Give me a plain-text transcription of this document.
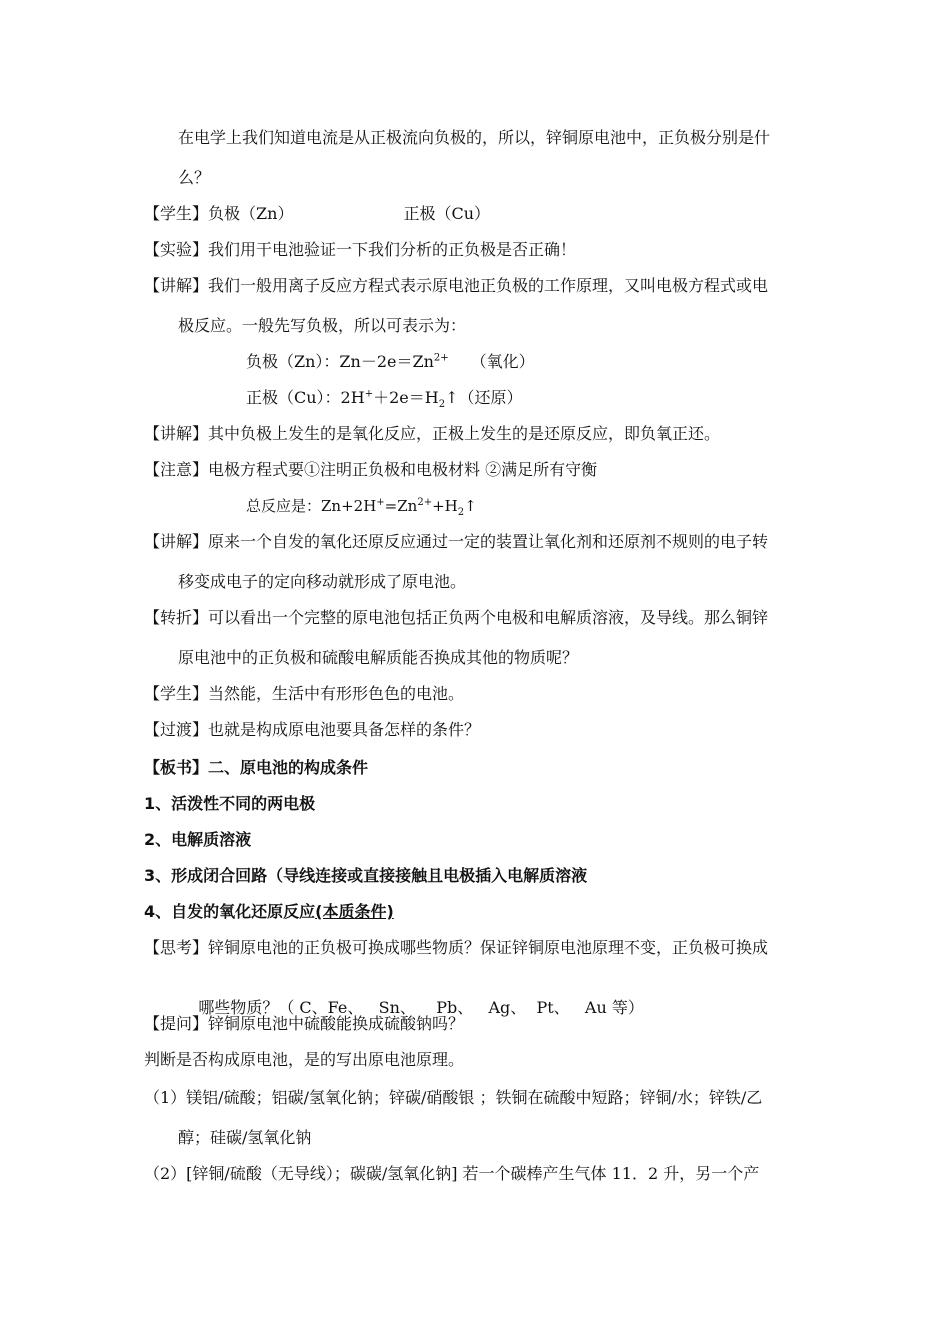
在电学上我们知道电流是从正极流向负极的，所以，锌铜原电池中，正负极分别是什
么？
【学生】负极（Zn）	正极（Cu）
【实验】我们用干电池验证一下我们分析的正负极是否正确！
【讲解】我们一般用离子反应方程式表示原电池正负极的工作原理，又叫电极方程式或电
极反应。一般先写负极，所以可表示为：
负极（Zn）：$Zn-2e=Zn^{2+}$ （氧化）
正极（Cu）：$2H^++2e=H_2↑$（还原）
【讲解】其中负极上发生的是氧化反应，正极上发生的是还原反应，即负氧正还。
【注意】电极方程式要①注明正负极和电极材料 ②满足所有守衡
总反应是：$Zn+2H^+=Zn^{2+}+H_2↑$
【讲解】原来一个自发的氧化还原反应通过一定的装置让氧化剂和还原剂不规则的电子转
移变成电子的定向移动就形成了原电池。
【转折】可以看出一个完整的原电池包括正负两个电极和电解质溶液，及导线。那么铜锌
原电池中的正负极和硫酸电解质能否换成其他的物质呢？
【学生】当然能，生活中有形形色色的电池。
【过渡】也就是构成原电池要具备怎样的条件？
【板书】二、原电池的构成条件
1、活泼性不同的两电极
2、电解质溶液
3、形成闭合回路（导线连接或直接接触且电极插入电解质溶液
4、自发的氧化还原反应(本质条件)
【思考】锌铜原电池的正负极可换成哪些物质？保证锌铜原电池原理不变，正负极可换成

哪些物质？（ C、Fe、   Sn、    Pb、   Ag、  Pt、   Au 等）

【提问】锌铜原电池中硫酸能换成硫酸钠吗？
判断是否构成原电池，是的写出原电池原理。
（1）镁铝/硫酸；铝碳/氢氧化钠；锌碳/硝酸银 ；铁铜在硫酸中短路；锌铜/水；锌铁/乙
醇；硅碳/氢氧化钠
（2）[锌铜/硫酸（无导线）；碳碳/氢氧化钠] 若一个碳棒产生气体 11．2 升，另一个产
